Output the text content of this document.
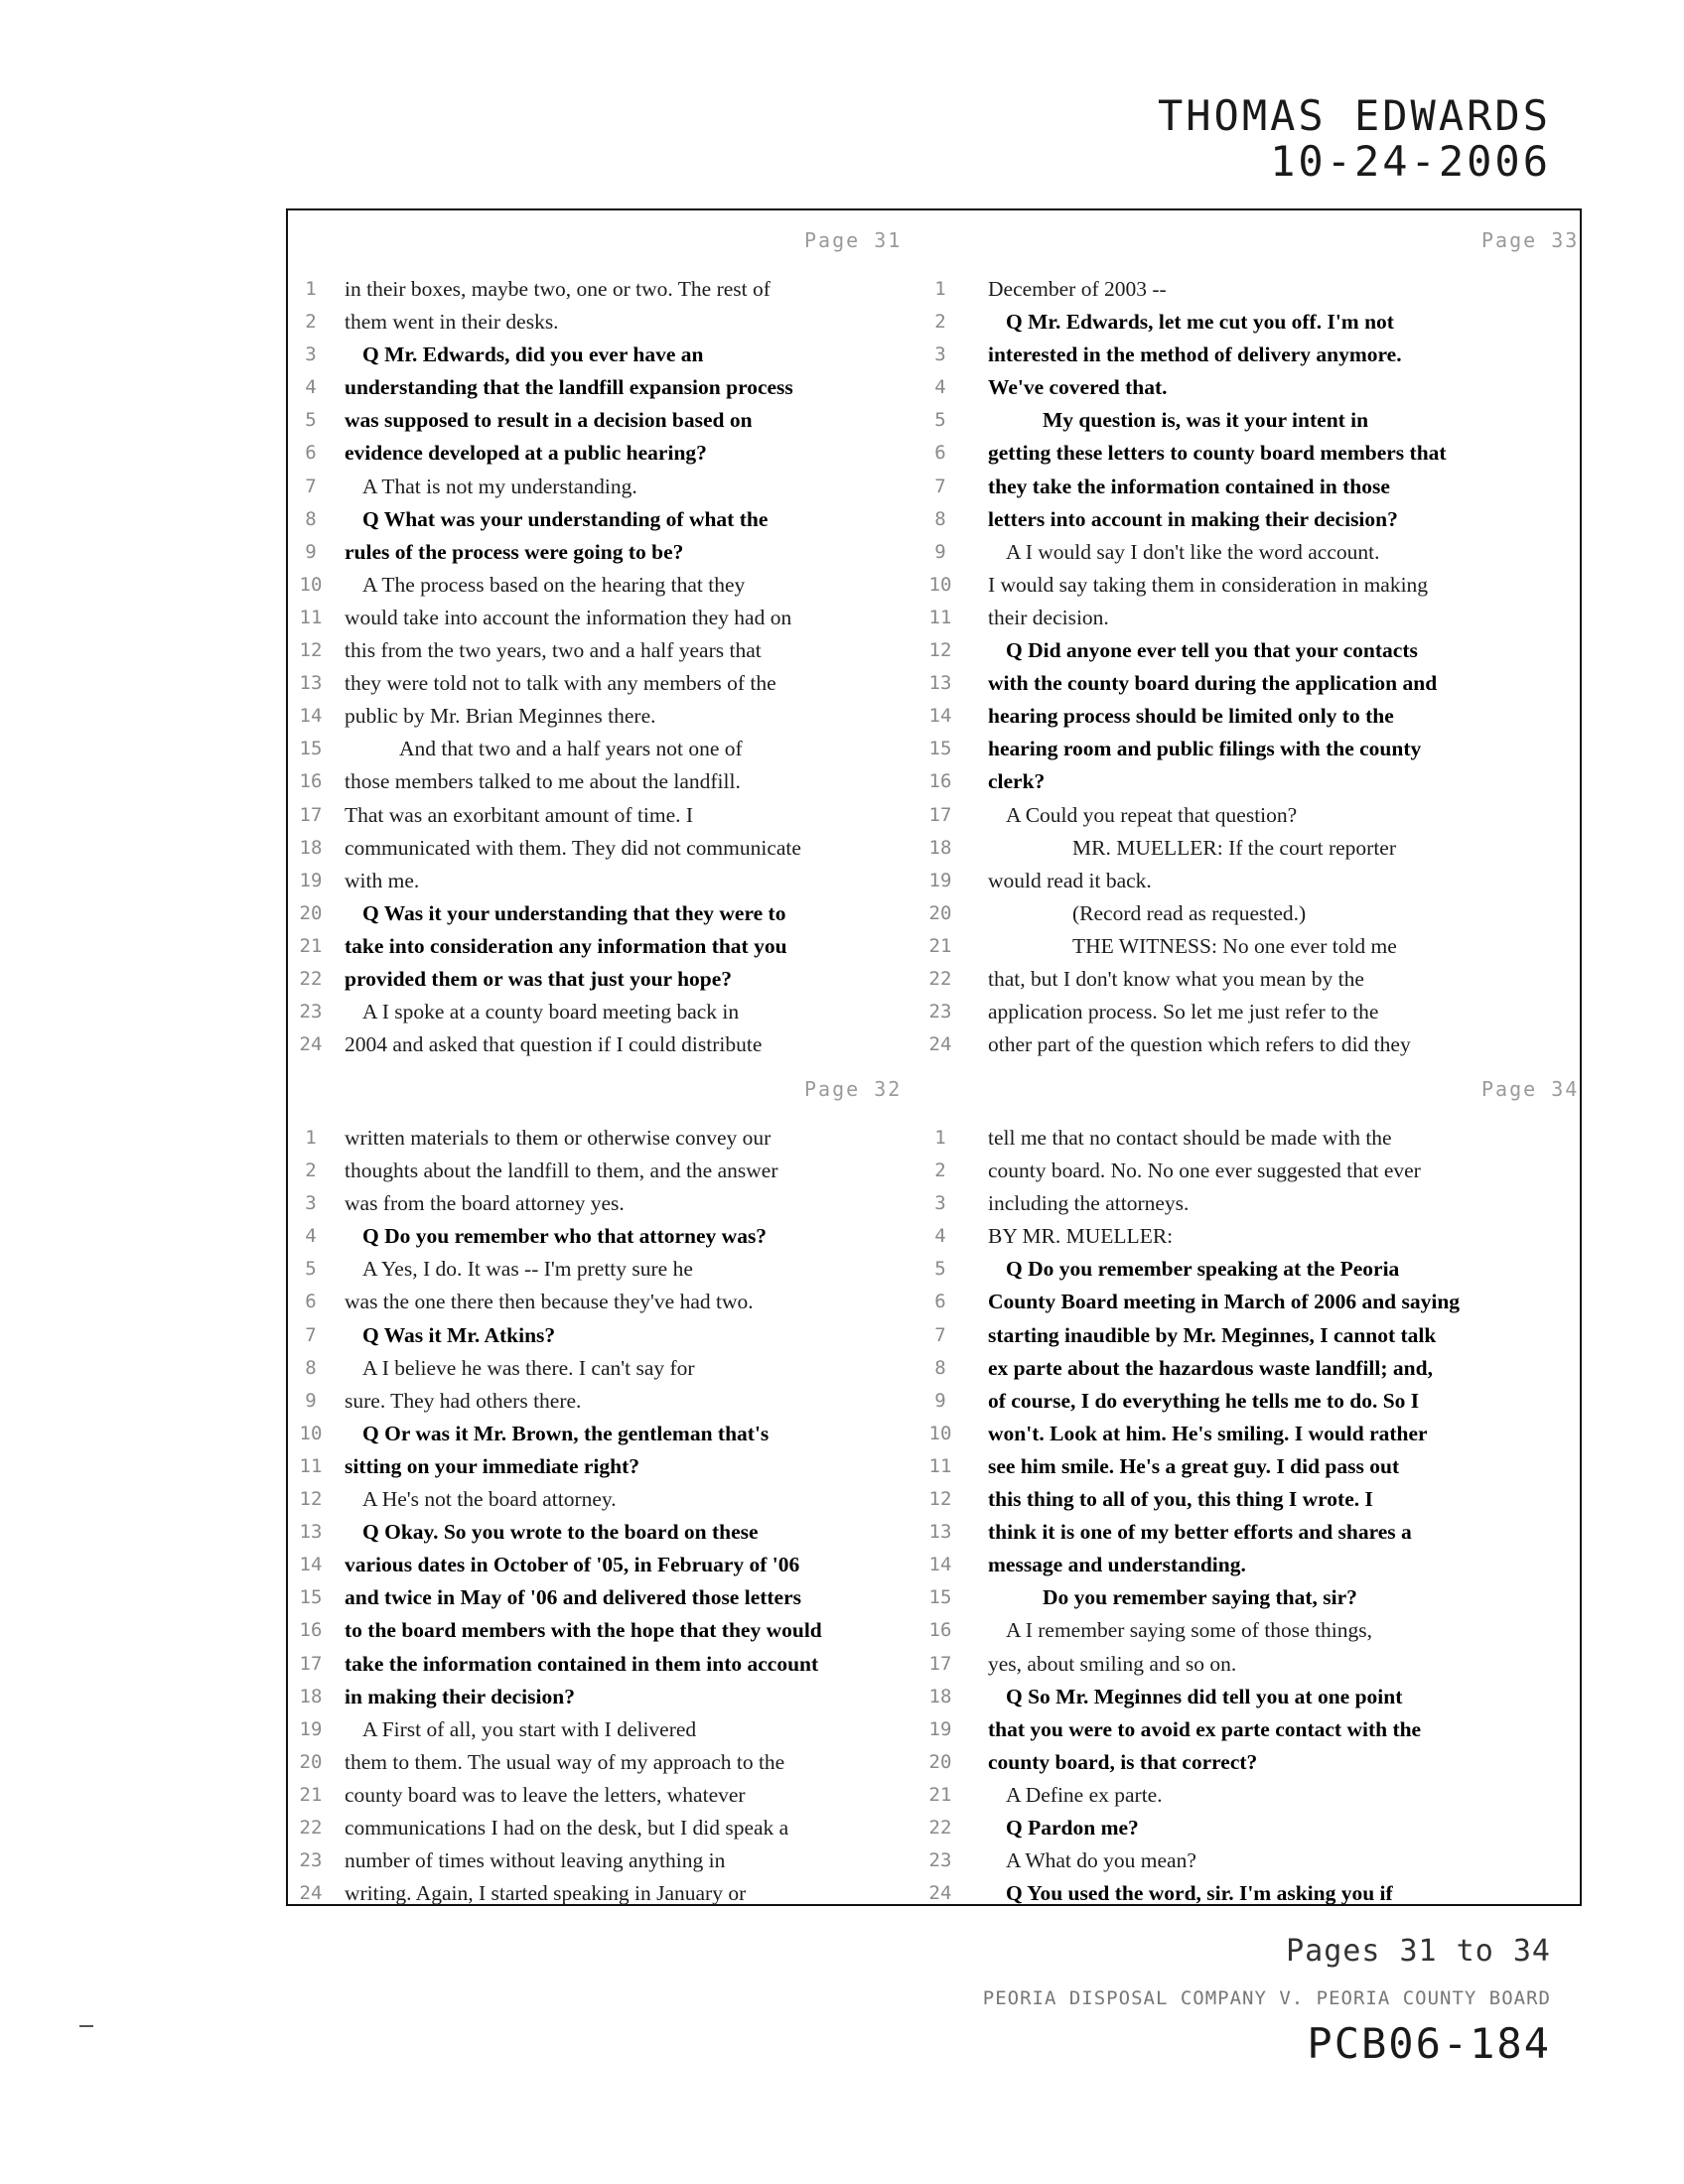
THOMAS EDWARDS
10-24-2006
Page 31
1	in their boxes, maybe two, one or two. The rest of
2	them went in their desks.
3	Q Mr. Edwards, did you ever have an
4	understanding that the landfill expansion process
5	was supposed to result in a decision based on
6	evidence developed at a public hearing?
7	A That is not my understanding.
8	Q What was your understanding of what the
9	rules of the process were going to be?
10	A The process based on the hearing that they
11 would take into account the information they had on
12 this from the two years, two and a half years that
13 they were told not to talk with any members of the
14 public by Mr. Brian Meginnes there.
15	And that two and a half years not one of
16 those members talked to me about the landfill.
17 That was an exorbitant amount of time. I
18 communicated with them. They did not communicate
19 with me.
20	Q Was it your understanding that they were to
21 take into consideration any information that you
22 provided them or was that just your hope?
23	A I spoke at a county board meeting back in
24 2004 and asked that question if I could distribute
Page 33
1	December of 2003 --
2	Q Mr. Edwards, let me cut you off. I'm not
3	interested in the method of delivery anymore.
4	We've covered that.
5	My question is, was it your intent in
6	getting these letters to county board members that
7	they take the information contained in those
8	letters into account in making their decision?
9	A I would say I don't like the word account.
10 I would say taking them in consideration in making
11 their decision.
12	Q Did anyone ever tell you that your contacts
13 with the county board during the application and
14 hearing process should be limited only to the
15 hearing room and public filings with the county
16 clerk?
17	A Could you repeat that question?
18	MR. MUELLER: If the court reporter
19 would read it back.
20	(Record read as requested.)
21	THE WITNESS: No one ever told me
22 that, but I don't know what you mean by the
23 application process. So let me just refer to the
24 other part of the question which refers to did they
Page 32
1	written materials to them or otherwise convey our
2	thoughts about the landfill to them, and the answer
3	was from the board attorney yes.
4	Q Do you remember who that attorney was?
5	A Yes, I do. It was -- I'm pretty sure he
6	was the one there then because they've had two.
7	Q Was it Mr. Atkins?
8	A I believe he was there. I can't say for
9	sure. They had others there.
10	Q Or was it Mr. Brown, the gentleman that's
11 sitting on your immediate right?
12	A He's not the board attorney.
13	Q Okay. So you wrote to the board on these
14 various dates in October of '05, in February of '06
15 and twice in May of '06 and delivered those letters
16 to the board members with the hope that they would
17 take the information contained in them into account
18 in making their decision?
19	A First of all, you start with I delivered
20 them to them. The usual way of my approach to the
21 county board was to leave the letters, whatever
22 communications I had on the desk, but I did speak a
23 number of times without leaving anything in
24 writing. Again, I started speaking in January or
Page 34
1	tell me that no contact should be made with the
2	county board. No. No one ever suggested that ever
3	including the attorneys.
4	BY MR. MUELLER:
5	Q Do you remember speaking at the Peoria
6	County Board meeting in March of 2006 and saying
7	starting inaudible by Mr. Meginnes, I cannot talk
8	ex parte about the hazardous waste landfill; and,
9	of course, I do everything he tells me to do. So I
10 won't. Look at him. He's smiling. I would rather
11 see him smile. He's a great guy. I did pass out
12 this thing to all of you, this thing I wrote. I
13 think it is one of my better efforts and shares a
14 message and understanding.
15	Do you remember saying that, sir?
16	A I remember saying some of those things,
17 yes, about smiling and so on.
18	Q So Mr. Meginnes did tell you at one point
19 that you were to avoid ex parte contact with the
20 county board, is that correct?
21	A Define ex parte.
22	Q Pardon me?
23	A What do you mean?
24	Q You used the word, sir. I'm asking you if
Pages 31 to 34
PEORIA DISPOSAL COMPANY V. PEORIA COUNTY BOARD
PCB06-184
